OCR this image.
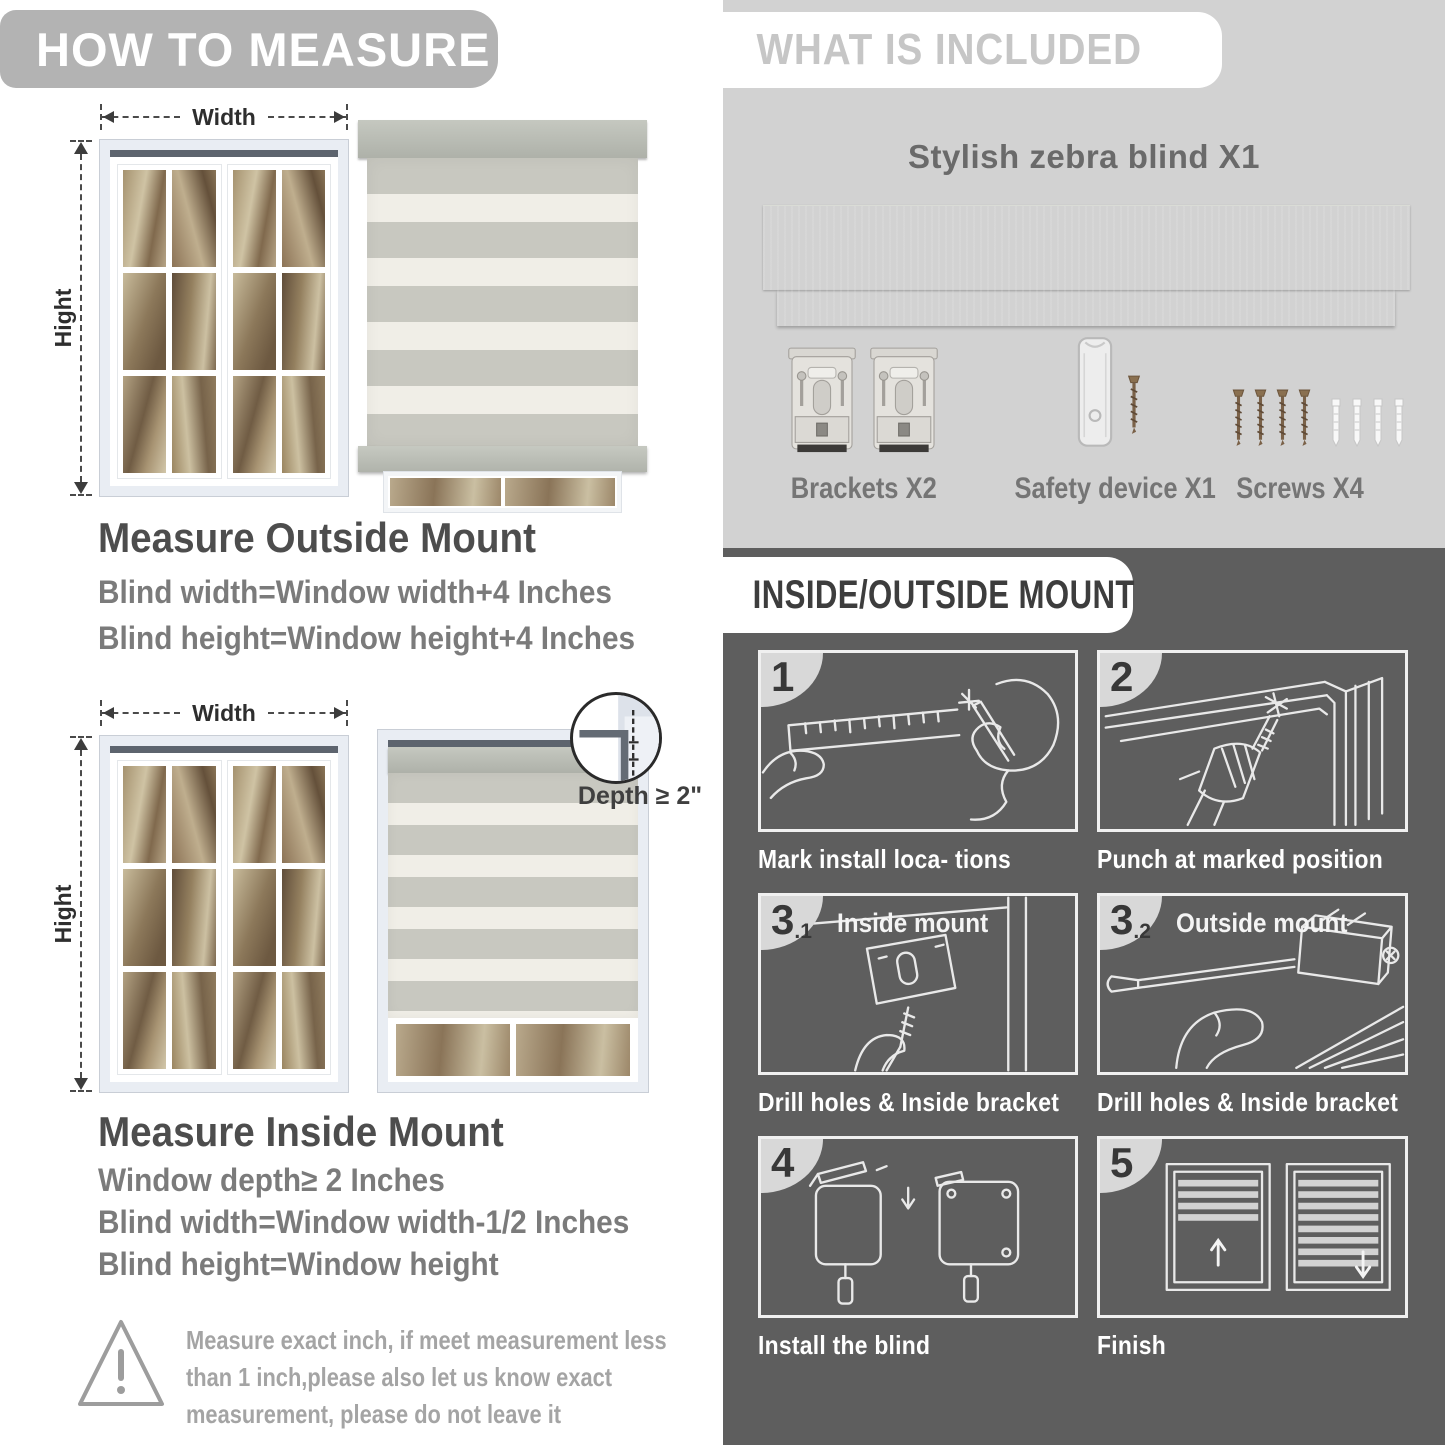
HOW TO MEASURE
Width
Hight
Measure Outside Mount
Blind width=Window width+4 Inches
Blind height=Window height+4 Inches
Width
Hight
Depth ≥ 2"
Measure Inside Mount
Window depth≥ 2 Inches
Blind width=Window width-1/2 Inches
Blind height=Window height
Measure exact inch, if meet measurement less
than 1 inch,please also let us know exact
measurement, please do not leave it
WHAT IS INCLUDED
Stylish zebra blind X1
Brackets X2	Safety device X1 Screws X4
INSIDE/OUTSIDE MOUNT
1
Mark install loca- tions
2
Punch at marked position
3.1 Inside mount
Drill holes & Inside bracket
3.2 Outside mount
Drill holes & Inside bracket
4
Install the blind
5
Finish
